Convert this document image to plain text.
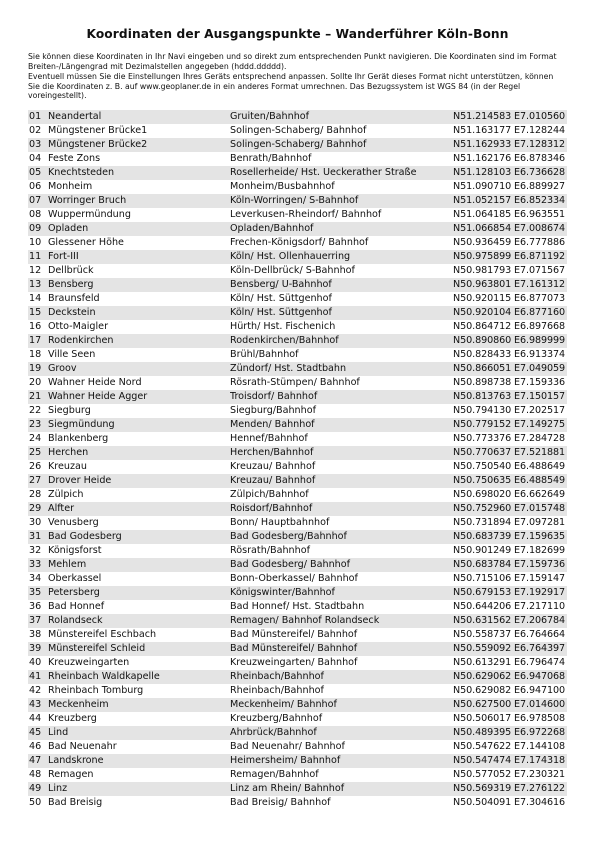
Koordinaten der Ausgangspunkte – Wanderführer Köln-Bonn

Sie können diese Koordinaten in Ihr Navi eingeben und so direkt zum entsprechenden Punkt navigieren. Die Koordinaten sind im Format Breiten-/Längengrad mit Dezimalstellen angegeben (hddd.ddddd).

Eventuell müssen Sie die Einstellungen Ihres Geräts entsprechend anpassen. Sollte Ihr Gerät dieses Format nicht unterstützen, können Sie die Koordinaten z. B. auf www.geoplaner.de in ein anderes Format umrechnen. Das Bezugssystem ist WGS 84 (in der Regel voreingestellt).

01 Neandertal	Gruiten/Bahnhof	N51.214583 E7.010560
02 Müngstener Brücke1	Solingen-Schaberg/ Bahnhof	N51.163177 E7.128244
03 Müngstener Brücke2	Solingen-Schaberg/ Bahnhof	N51.162933 E7.128312
04 Feste Zons	Benrath/Bahnhof	N51.162176 E6.878346
05 Knechtsteden	Rosellerheide/ Hst. Ueckerather Straße	N51.128103 E6.736628
06 Monheim	Monheim/Busbahnhof	N51.090710 E6.889927
07 Worringer Bruch	Köln-Worringen/ S-Bahnhof	N51.052157 E6.852334
08 Wuppermündung	Leverkusen-Rheindorf/ Bahnhof	N51.064185 E6.963551
09 Opladen	Opladen/Bahnhof	N51.066854 E7.008674
10 Glessener Höhe	Frechen-Königsdorf/ Bahnhof	N50.936459 E6.777886
11 Fort-III	Köln/ Hst. Ollenhauerring	N50.975899 E6.871192
12 Dellbrück	Köln-Dellbrück/ S-Bahnhof	N50.981793 E7.071567
13 Bensberg	Bensberg/ U-Bahnhof	N50.963801 E7.161312
14 Braunsfeld	Köln/ Hst. Süttgenhof	N50.920115 E6.877073
15 Deckstein	Köln/ Hst. Süttgenhof	N50.920104 E6.877160
16 Otto-Maigler	Hürth/ Hst. Fischenich	N50.864712 E6.897668
17 Rodenkirchen	Rodenkirchen/Bahnhof	N50.890860 E6.989999
18 Ville Seen	Brühl/Bahnhof	N50.828433 E6.913374
19 Groov	Zündorf/ Hst. Stadtbahn	N50.866051 E7.049059
20 Wahner Heide Nord	Rösrath-Stümpen/ Bahnhof	N50.898738 E7.159336
21 Wahner Heide Agger	Troisdorf/ Bahnhof	N50.813763 E7.150157
22 Siegburg	Siegburg/Bahnhof	N50.794130 E7.202517
23 Siegmündung	Menden/ Bahnhof	N50.779152 E7.149275
24 Blankenberg	Hennef/Bahnhof	N50.773376 E7.284728
25 Herchen	Herchen/Bahnhof	N50.770637 E7.521881
26 Kreuzau	Kreuzau/ Bahnhof	N50.750540 E6.488649
27 Drover Heide	Kreuzau/ Bahnhof	N50.750635 E6.488549
28 Zülpich	Zülpich/Bahnhof	N50.698020 E6.662649
29 Alfter	Roisdorf/Bahnhof	N50.752960 E7.015748
30 Venusberg	Bonn/ Hauptbahnhof	N50.731894 E7.097281
31 Bad Godesberg	Bad Godesberg/Bahnhof	N50.683739 E7.159635
32 Königsforst	Rösrath/Bahnhof	N50.901249 E7.182699
33 Mehlem	Bad Godesberg/ Bahnhof	N50.683784 E7.159736
34 Oberkassel	Bonn-Oberkassel/ Bahnhof	N50.715106 E7.159147
35 Petersberg	Königswinter/Bahnhof	N50.679153 E7.192917
36 Bad Honnef	Bad Honnef/ Hst. Stadtbahn	N50.644206 E7.217110
37 Rolandseck	Remagen/ Bahnhof Rolandseck	N50.631562 E7.206784
38 Münstereifel Eschbach	Bad Münstereifel/ Bahnhof	N50.558737 E6.764664
39 Münstereifel Schleid	Bad Münstereifel/ Bahnhof	N50.559092 E6.764397
40 Kreuzweingarten	Kreuzweingarten/ Bahnhof	N50.613291 E6.796474
41 Rheinbach Waldkapelle	Rheinbach/Bahnhof	N50.629062 E6.947068
42 Rheinbach Tomburg	Rheinbach/Bahnhof	N50.629082 E6.947100
43 Meckenheim	Meckenheim/ Bahnhof	N50.627500 E7.014600
44 Kreuzberg	Kreuzberg/Bahnhof	N50.506017 E6.978508
45 Lind	Ahrbrück/Bahnhof	N50.489395 E6.972268
46 Bad Neuenahr	Bad Neuenahr/ Bahnhof	N50.547622 E7.144108
47 Landskrone	Heimersheim/ Bahnhof	N50.547474 E7.174318
48 Remagen	Remagen/Bahnhof	N50.577052 E7.230321
49 Linz	Linz am Rhein/ Bahnhof	N50.569319 E7.276122
50 Bad Breisig	Bad Breisig/ Bahnhof	N50.504091 E7.304616
